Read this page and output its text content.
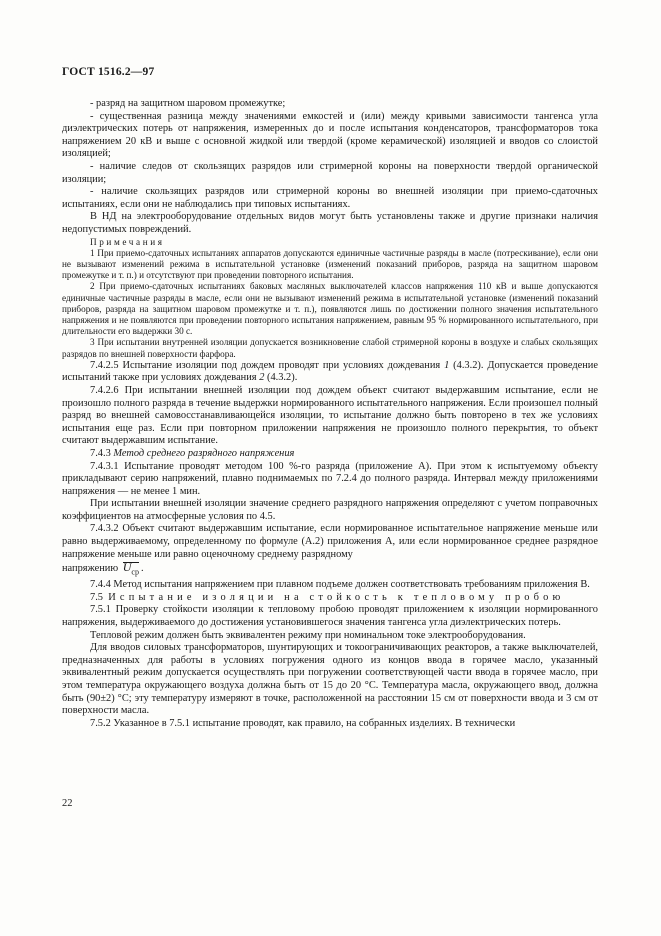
ГОСТ 1516.2—97

- разряд на защитном шаровом промежутке;

- существенная разница между значениями емкостей и (или) между кривыми зависимости тангенса угла диэлектрических потерь от напряжения, измеренных до и после испытания конденсаторов, трансформаторов тока напряжением 20 кВ и выше с основной жидкой или твердой (кроме керамической) изоляцией и вводов со слоистой изоляцией;

- наличие следов от скользящих разрядов или стримерной короны на поверхности твердой органической изоляции;

- наличие скользящих разрядов или стримерной короны во внешней изоляции при приемо-сдаточных испытаниях, если они не наблюдались при типовых испытаниях.

В НД на электрооборудование отдельных видов могут быть установлены также и другие признаки наличия недопустимых повреждений.

Примечания

1 При приемо-сдаточных испытаниях аппаратов допускаются единичные частичные разряды в масле (потрескивание), если они не вызывают изменений режима в испытательной установке (изменений показаний приборов, разряда на защитном шаровом промежутке и т. п.) и отсутствуют при проведении повторного испытания.

2 При приемо-сдаточных испытаниях баковых масляных выключателей классов напряжения 110 кВ и выше допускаются единичные частичные разряды в масле, если они не вызывают изменений режима в испытательной установке (изменений показаний приборов, разряда на защитном шаровом промежутке и т. п.), появляются лишь по достижении полного значения испытательного напряжения и не появляются при проведении повторного испытания напряжением, равным 95 % нормированного испытательного, при длительности его выдержки 30 с.

3 При испытании внутренней изоляции допускается возникновение слабой стримерной короны в воздухе и слабых скользящих разрядов по внешней поверхности фарфора.

7.4.2.5 Испытание изоляции под дождем проводят при условиях дождевания 1 (4.3.2). Допускается проведение испытаний также при условиях дождевания 2 (4.3.2).

7.4.2.6 При испытании внешней изоляции под дождем объект считают выдержавшим испытание, если не произошло полного разряда в течение выдержки нормированного испытательного напряжения. Если произошел полный разряд во внешней самовосстанавливающейся изоляции, то испытание должно быть повторено в тех же условиях испытания еще раз. Если при повторном приложении напряжения не произошло полного перекрытия, то объект считают выдержавшим испытание.

7.4.3 Метод среднего разрядного напряжения

7.4.3.1 Испытание проводят методом 100 %-го разряда (приложение А). При этом к испытуемому объекту прикладывают серию напряжений, плавно поднимаемых по 7.2.4 до полного разряда. Интервал между приложениями напряжения — не менее 1 мин.

При испытании внешней изоляции значение среднего разрядного напряжения определяют с учетом поправочных коэффициентов на атмосферные условия по 4.5.

7.4.3.2 Объект считают выдержавшим испытание, если нормированное испытательное напряжение меньше или равно выдерживаемому, определенному по формуле (А.2) приложения А, или если нормированное среднее разрядное напряжение меньше или равно оценочному среднему разрядному

напряжению $U_{ср}$ .

7.4.4 Метод испытания напряжением при плавном подъеме должен соответствовать требованиям приложения В.

7.5 Испытание изоляции на стойкость к тепловому пробою

7.5.1 Проверку стойкости изоляции к тепловому пробою проводят приложением к изоляции нормированного напряжения, выдерживаемого до достижения установившегося значения тангенса угла диэлектрических потерь.

Тепловой режим должен быть эквивалентен режиму при номинальном токе электрооборудования.

Для вводов силовых трансформаторов, шунтирующих и токоограничивающих реакторов, а также выключателей, предназначенных для работы в условиях погружения одного из концов ввода в горячее масло, указанный эквивалентный режим допускается осуществлять при погружении соответствующей части ввода в горячее масло, при этом температура окружающего воздуха должна быть от 15 до 20 °С. Температура масла, окружающего ввод, должна быть (90±2) °С; эту температуру измеряют в точке, расположенной на расстоянии 15 см от поверхности ввода и 3 см от поверхности масла.

7.5.2 Указанное в 7.5.1 испытание проводят, как правило, на собранных изделиях. В технически

22
